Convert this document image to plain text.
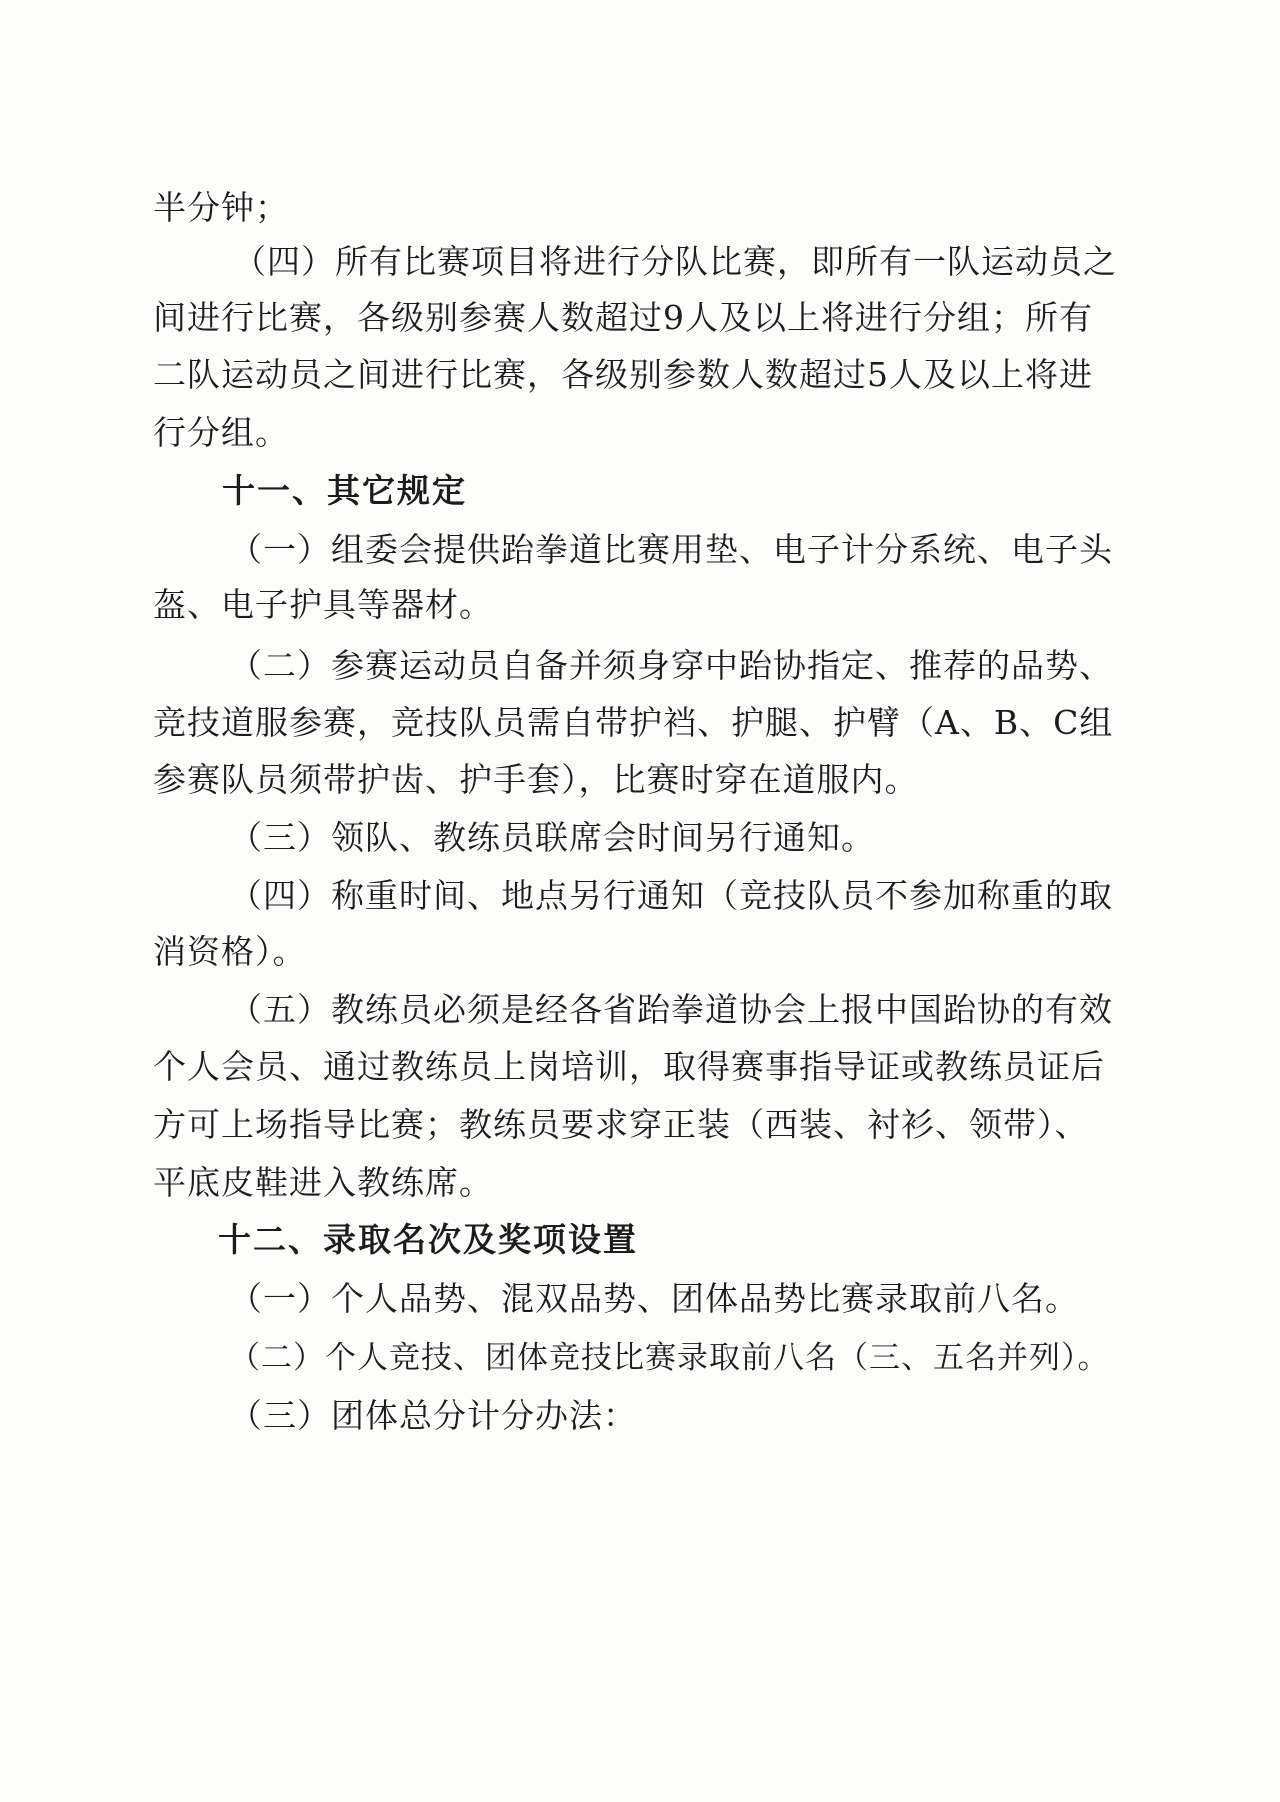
半分钟；
（四）所有比赛项目将进行分队比赛，即所有一队运动员之
间进行比赛，各级别参赛人数超过9人及以上将进行分组；所有
二队运动员之间进行比赛，各级别参数人数超过5人及以上将进
行分组。
十一、其它规定
（一）组委会提供跆拳道比赛用垫、电子计分系统、电子头
盔、电子护具等器材。
（二）参赛运动员自备并须身穿中跆协指定、推荐的品势、
竞技道服参赛，竞技队员需自带护裆、护腿、护臂（A、B、C组
参赛队员须带护齿、护手套），比赛时穿在道服内。
（三）领队、教练员联席会时间另行通知。
（四）称重时间、地点另行通知（竞技队员不参加称重的取
消资格）。
（五）教练员必须是经各省跆拳道协会上报中国跆协的有效
个人会员、通过教练员上岗培训，取得赛事指导证或教练员证后
方可上场指导比赛；教练员要求穿正装（西装、衬衫、领带）、
平底皮鞋进入教练席。
十二、录取名次及奖项设置
（一）个人品势、混双品势、团体品势比赛录取前八名。
（二）个人竞技、团体竞技比赛录取前八名（三、五名并列）。
（三）团体总分计分办法：
